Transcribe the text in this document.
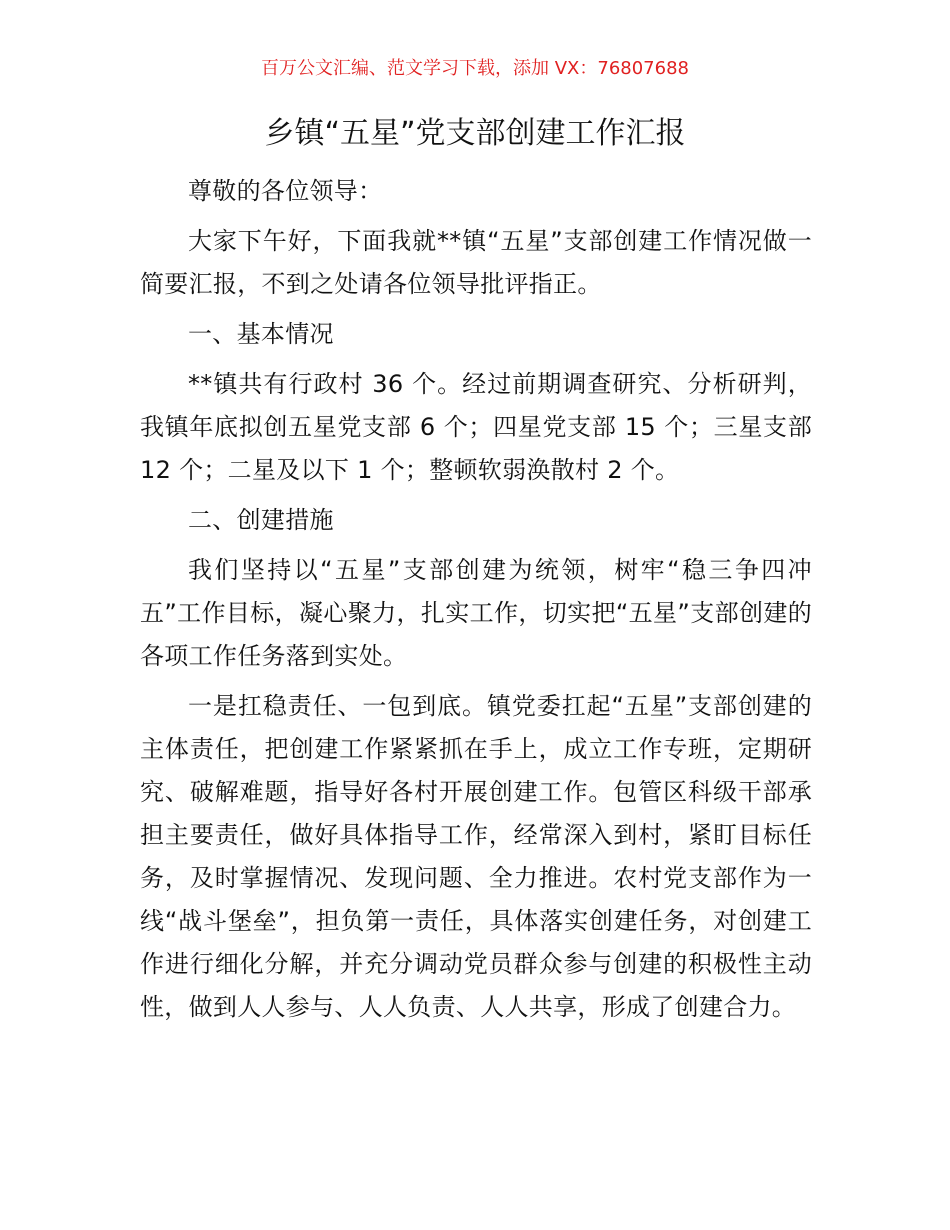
百万公文汇编、范文学习下载，添加 VX：76807688
乡镇“五星”党支部创建工作汇报

尊敬的各位领导：

大家下午好，下面我就**镇“五星”支部创建工作情况做一简要汇报，不到之处请各位领导批评指正。

一、基本情况

**镇共有行政村 36 个。经过前期调查研究、分析研判，我镇年底拟创五星党支部 6 个；四星党支部 15 个；三星支部 12 个；二星及以下 1 个；整顿软弱涣散村 2 个。

二、创建措施

我们坚持以“五星”支部创建为统领，树牢“稳三争四冲五”工作目标，凝心聚力，扎实工作，切实把“五星”支部创建的各项工作任务落到实处。

一是扛稳责任、一包到底。镇党委扛起“五星”支部创建的主体责任，把创建工作紧紧抓在手上，成立工作专班，定期研究、破解难题，指导好各村开展创建工作。包管区科级干部承担主要责任，做好具体指导工作，经常深入到村，紧盯目标任务，及时掌握情况、发现问题、全力推进。农村党支部作为一线“战斗堡垒”，担负第一责任，具体落实创建任务，对创建工作进行细化分解，并充分调动党员群众参与创建的积极性主动性，做到人人参与、人人负责、人人共享，形成了创建合力。
